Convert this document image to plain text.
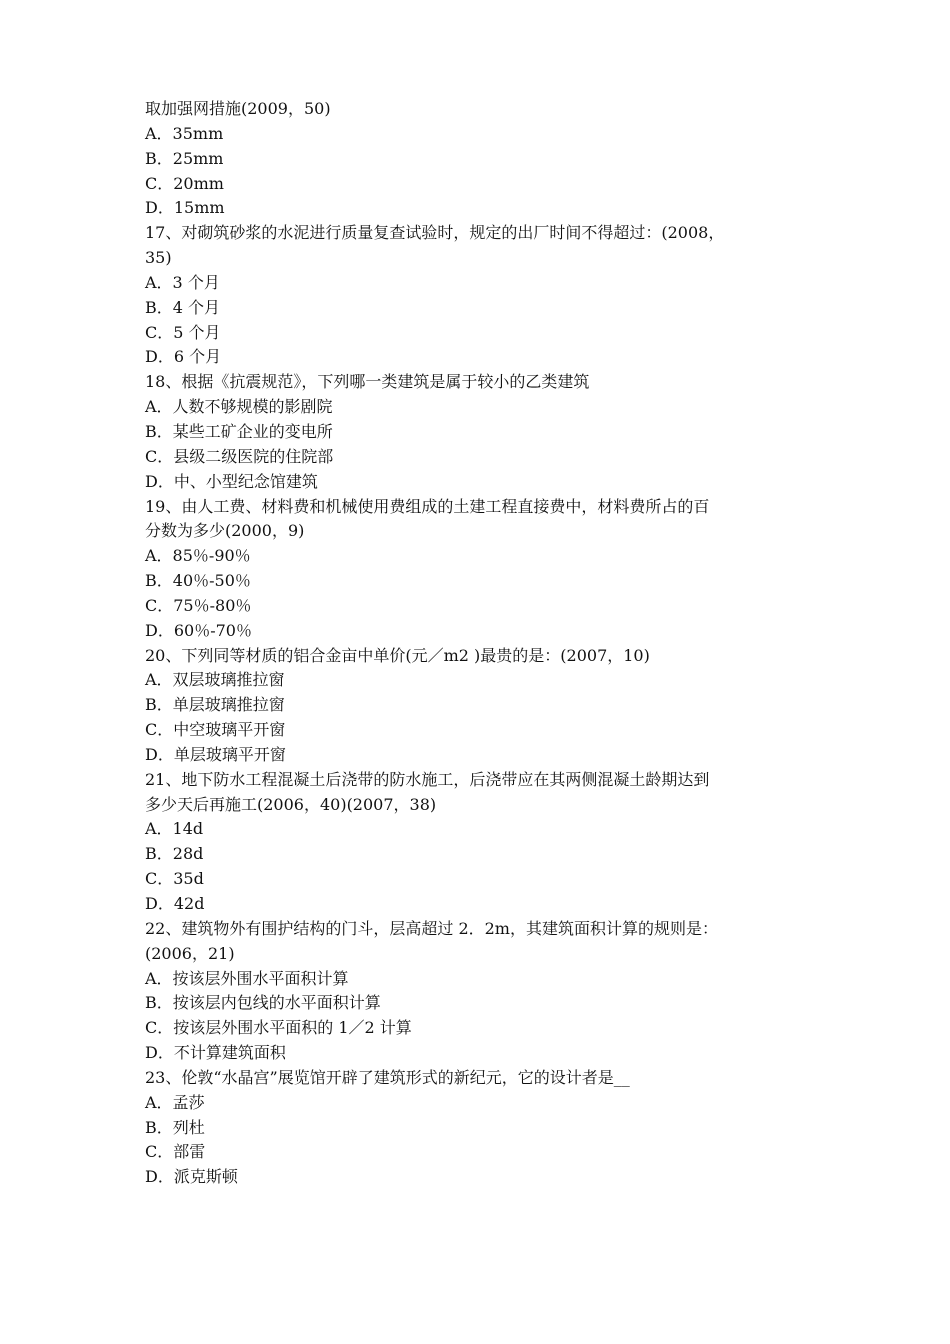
取加强网措施(2009，50)
A．35mm
B．25mm
C．20mm
D．15mm
17、对砌筑砂浆的水泥进行质量复查试验时，规定的出厂时间不得超过：(2008，
35)
A．3 个月
B．4 个月
C．5 个月
D．6 个月
18、根据《抗震规范》，下列哪一类建筑是属于较小的乙类建筑
A．人数不够规模的影剧院
B．某些工矿企业的变电所
C．县级二级医院的住院部
D．中、小型纪念馆建筑
19、由人工费、材料费和机械使用费组成的土建工程直接费中，材料费所占的百
分数为多少(2000，9)
A．85％-90％
B．40％-50％
C．75％-80％
D．60％-70％
20、下列同等材质的铝合金亩中单价(元／m2 )最贵的是：(2007，10)
A．双层玻璃推拉窗
B．单层玻璃推拉窗
C．中空玻璃平开窗
D．单层玻璃平开窗
21、地下防水工程混凝土后浇带的防水施工，后浇带应在其两侧混凝土龄期达到
多少天后再施工(2006，40)(2007，38)
A．14d
B．28d
C．35d
D．42d
22、建筑物外有围护结构的门斗，层高超过 2．2m，其建筑面积计算的规则是：
(2006，21)
A．按该层外围水平面积计算
B．按该层内包线的水平面积计算
C．按该层外围水平面积的 1／2 计算
D．不计算建筑面积
23、伦敦“水晶宫”展览馆开辟了建筑形式的新纪元，它的设计者是__
A．孟莎
B．列杜
C．部雷
D．派克斯顿
